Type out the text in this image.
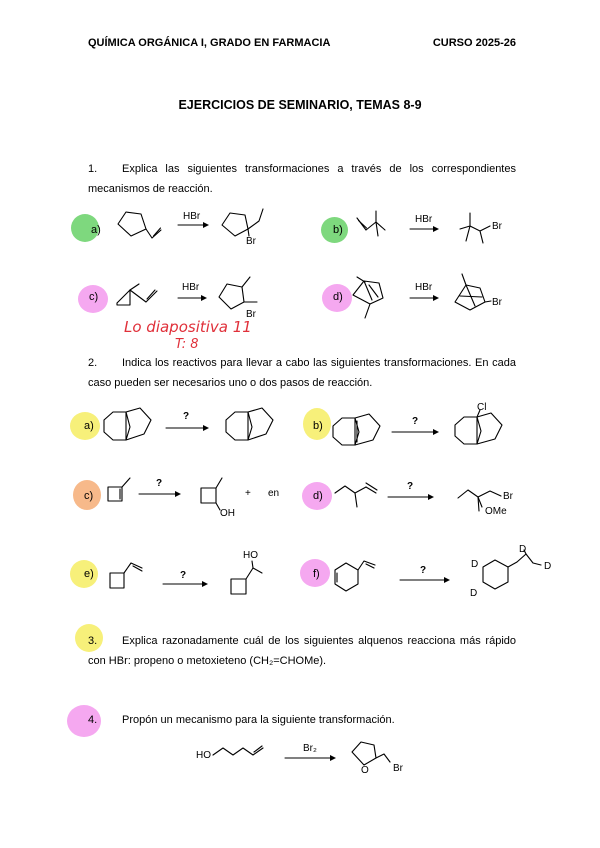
QUÍMICA ORGÁNICA I, GRADO EN FARMACIA	CURSO 2025-26
EJERCICIOS DE SEMINARIO, TEMAS 8-9
1. Explica las siguientes transformaciones a través de los correspondientes mecanismos de reacción.
a)	b)
c)	d)
HBr
Br
HBr
Br
HBr
Br
HBr
Br
Lo diapositiva 11
T: 8
2. Indica los reactivos para llevar a cabo las siguientes transformaciones. En cada caso pueden ser necesarios uno o dos pasos de reacción.
a)	b)
c)	d)
e)	f)
?	?
Cl
?
OH
+ en
?
Br
OMe
?
HO
?
D
D
D
D
3. Explica razonadamente cuál de los siguientes alquenos reacciona más rápido con HBr: propeno o metoxieteno (CH₂=CHOMe).
4. Propón un mecanismo para la siguiente transformación.
HO
Br₂
O Br
